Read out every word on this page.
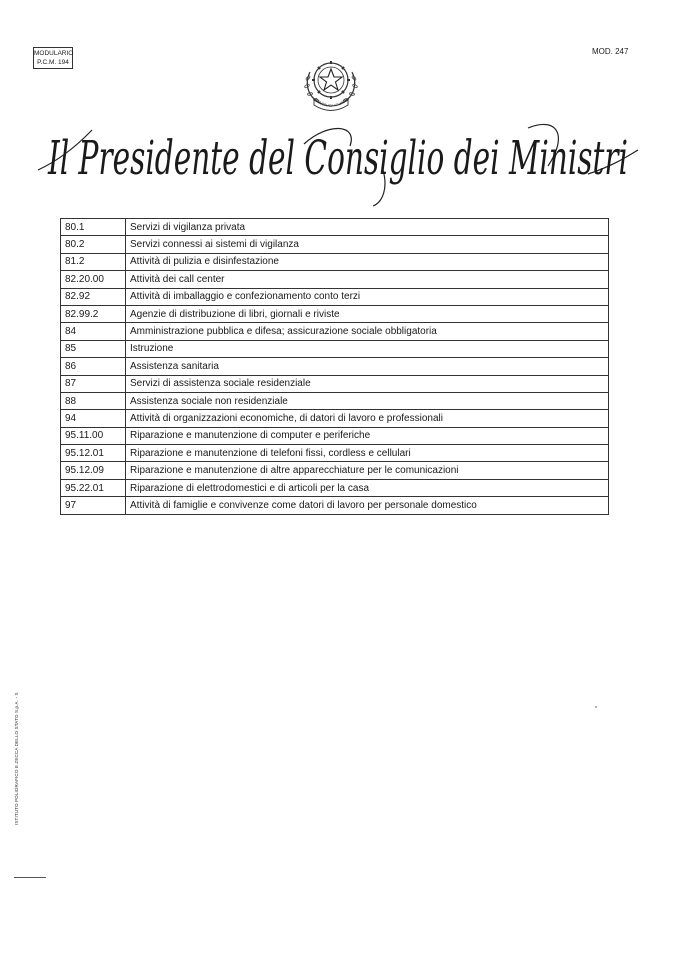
MODULARIO
P.C.M. 194
MOD. 247
REPUBBLICA ITALIANA
Il Presidente del Consiglio dei Ministri
80.1	Servizi di vigilanza privata
80.2	Servizi connessi ai sistemi di vigilanza
81.2	Attività di pulizia e disinfestazione
82.20.00	Attività dei call center
82.92	Attività di imballaggio e confezionamento conto terzi
82.99.2	Agenzie di distribuzione di libri, giornali e riviste
84	Amministrazione pubblica e difesa; assicurazione sociale obbligatoria
85	Istruzione
86	Assistenza sanitaria
87	Servizi di assistenza sociale residenziale
88	Assistenza sociale non residenziale
94	Attività di organizzazioni economiche, di datori di lavoro e professionali
95.11.00	Riparazione e manutenzione di computer e periferiche
95.12.01	Riparazione e manutenzione di telefoni fissi, cordless e cellulari
95.12.09	Riparazione e manutenzione di altre apparecchiature per le comunicazioni
95.22.01	Riparazione di elettrodomestici e di articoli per la casa
97	Attività di famiglie e convivenze come datori di lavoro per personale domestico
ISTITUTO POLIGRAFICO E ZECCA DELLO STATO S.p.A. - S
